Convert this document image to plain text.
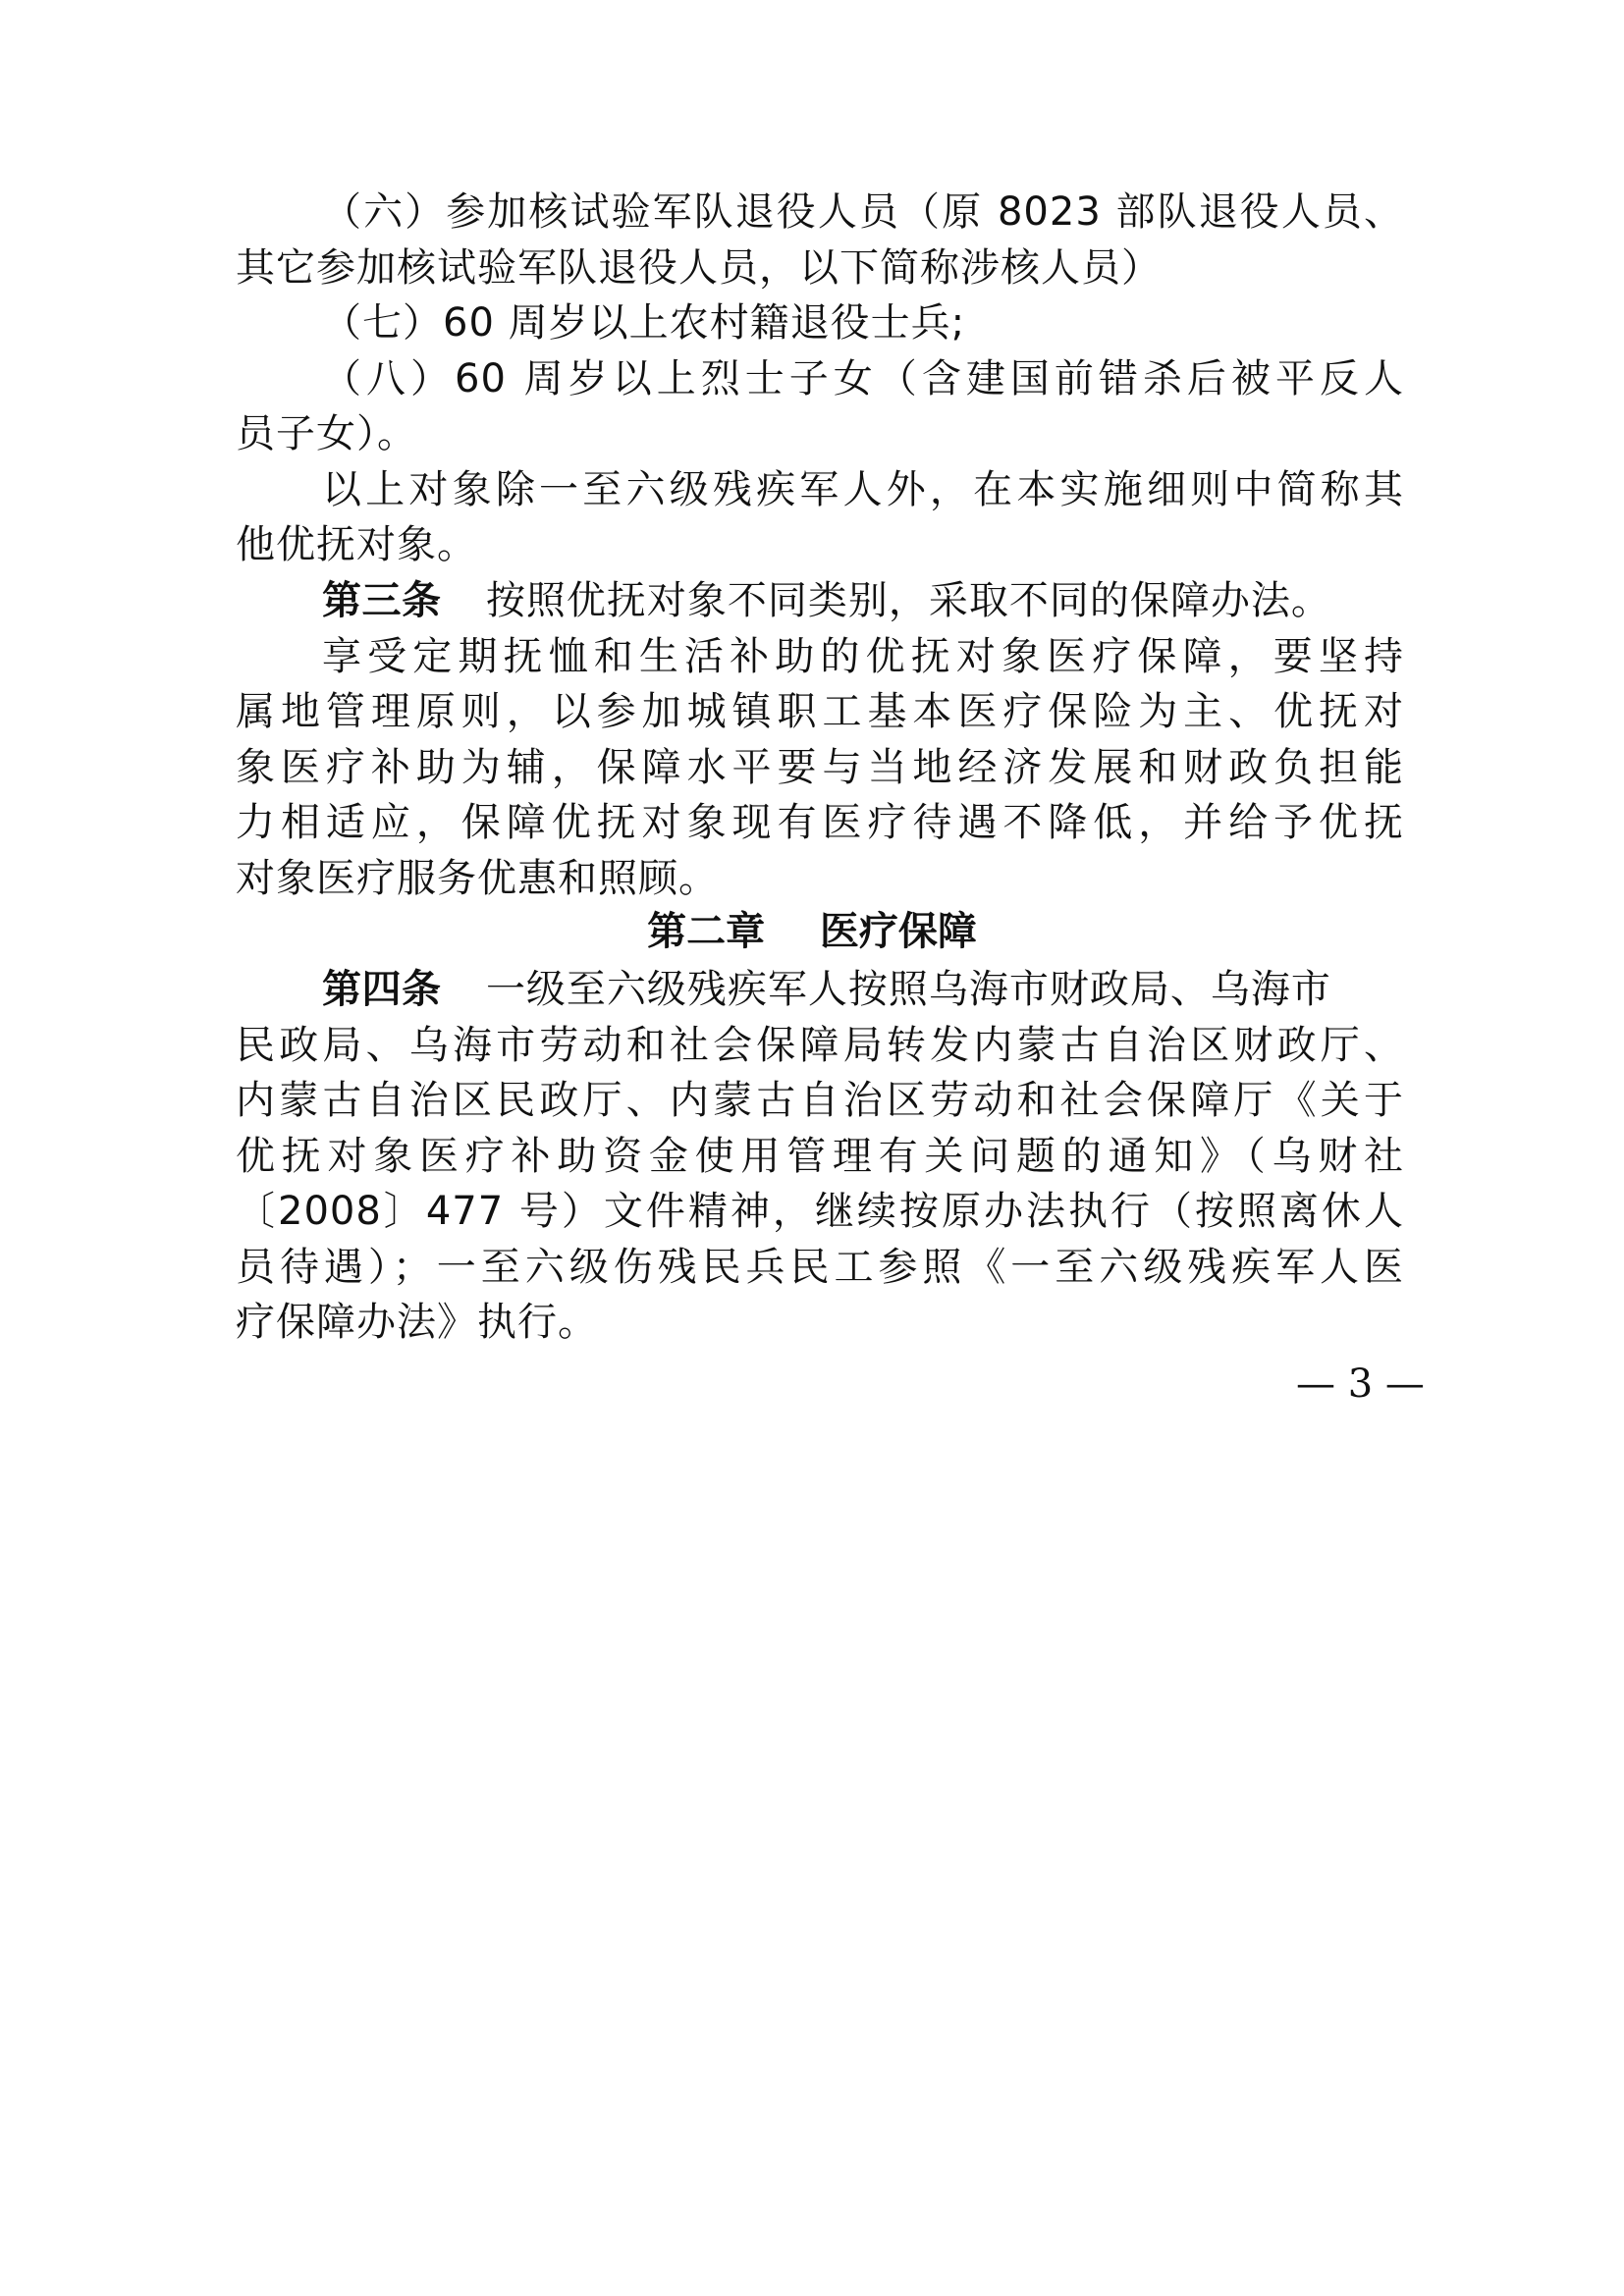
（六）参加核试验军队退役人员（原 8023 部队退役人员、
其它参加核试验军队退役人员，以下简称涉核人员）
（七）60 周岁以上农村籍退役士兵;
（八）60 周岁以上烈士子女（含建国前错杀后被平反人
员子女）。
以上对象除一至六级残疾军人外，在本实施细则中简称其
他优抚对象。
第三条 按照优抚对象不同类别，采取不同的保障办法。
享受定期抚恤和生活补助的优抚对象医疗保障，要坚持
属地管理原则，以参加城镇职工基本医疗保险为主、优抚对
象医疗补助为辅，保障水平要与当地经济发展和财政负担能
力相适应，保障优抚对象现有医疗待遇不降低，并给予优抚
对象医疗服务优惠和照顾。
第二章    医疗保障
第四条 一级至六级残疾军人按照乌海市财政局、乌海市
民政局、乌海市劳动和社会保障局转发内蒙古自治区财政厅、
内蒙古自治区民政厅、内蒙古自治区劳动和社会保障厅《关于
优抚对象医疗补助资金使用管理有关问题的通知》（乌财社
〔2008〕477 号）文件精神，继续按原办法执行（按照离休人
员待遇）；一至六级伤残民兵民工参照《一至六级残疾军人医
疗保障办法》执行。
— 3 —
